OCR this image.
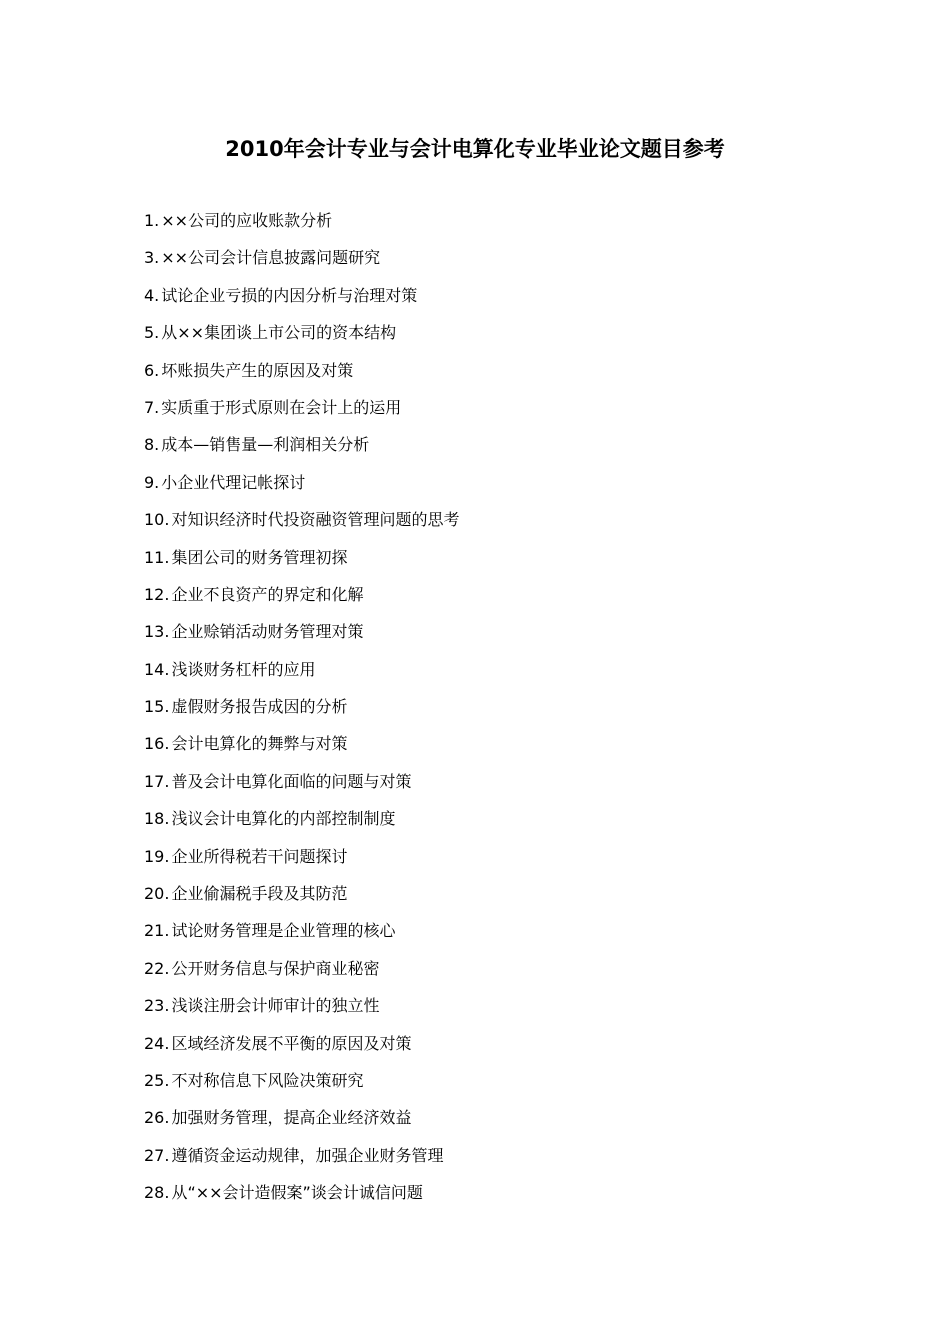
2010年会计专业与会计电算化专业毕业论文题目参考
1. ××公司的应收账款分析
3. ××公司会计信息披露问题研究
4. 试论企业亏损的内因分析与治理对策
5. 从××集团谈上市公司的资本结构
6. 坏账损失产生的原因及对策
7. 实质重于形式原则在会计上的运用
8. 成本—销售量—利润相关分析
9. 小企业代理记帐探讨
10. 对知识经济时代投资融资管理问题的思考
11. 集团公司的财务管理初探
12. 企业不良资产的界定和化解
13. 企业赊销活动财务管理对策
14. 浅谈财务杠杆的应用
15. 虚假财务报告成因的分析
16. 会计电算化的舞弊与对策
17. 普及会计电算化面临的问题与对策
18. 浅议会计电算化的内部控制制度
19. 企业所得税若干问题探讨
20. 企业偷漏税手段及其防范
21. 试论财务管理是企业管理的核心
22. 公开财务信息与保护商业秘密
23. 浅谈注册会计师审计的独立性
24. 区域经济发展不平衡的原因及对策
25. 不对称信息下风险决策研究
26. 加强财务管理，提高企业经济效益
27. 遵循资金运动规律，加强企业财务管理
28. 从“××会计造假案”谈会计诚信问题
